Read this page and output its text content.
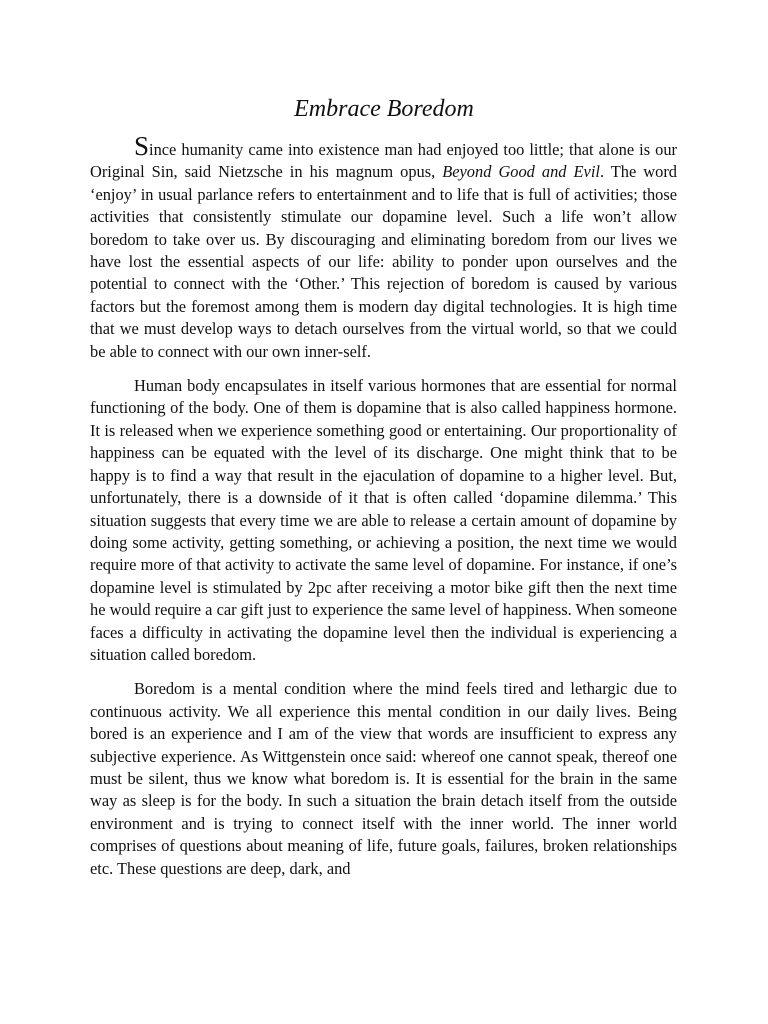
Embrace Boredom

Since humanity came into existence man had enjoyed too little; that alone is our Original Sin, said Nietzsche in his magnum opus, Beyond Good and Evil. The word ‘enjoy’ in usual parlance refers to entertainment and to life that is full of activities; those activities that consistently stimulate our dopamine level. Such a life won’t allow boredom to take over us. By discouraging and eliminating boredom from our lives we have lost the essential aspects of our life: ability to ponder upon ourselves and the potential to connect with the ‘Other.’ This rejection of boredom is caused by various factors but the foremost among them is modern day digital technologies. It is high time that we must develop ways to detach ourselves from the virtual world, so that we could be able to connect with our own inner-self.

Human body encapsulates in itself various hormones that are essential for normal functioning of the body. One of them is dopamine that is also called happiness hormone. It is released when we experience something good or entertaining. Our proportionality of happiness can be equated with the level of its discharge. One might think that to be happy is to find a way that result in the ejaculation of dopamine to a higher level. But, unfortunately, there is a downside of it that is often called ‘dopamine dilemma.’ This situation suggests that every time we are able to release a certain amount of dopamine by doing some activity, getting something, or achieving a position, the next time we would require more of that activity to activate the same level of dopamine. For instance, if one’s dopamine level is stimulated by 2pc after receiving a motor bike gift then the next time he would require a car gift just to experience the same level of happiness. When someone faces a difficulty in activating the dopamine level then the individual is experiencing a situation called boredom.

Boredom is a mental condition where the mind feels tired and lethargic due to continuous activity. We all experience this mental condition in our daily lives. Being bored is an experience and I am of the view that words are insufficient to express any subjective experience. As Wittgenstein once said: whereof one cannot speak, thereof one must be silent, thus we know what boredom is. It is essential for the brain in the same way as sleep is for the body. In such a situation the brain detach itself from the outside environment and is trying to connect itself with the inner world. The inner world comprises of questions about meaning of life, future goals, failures, broken relationships etc. These questions are deep, dark, and
